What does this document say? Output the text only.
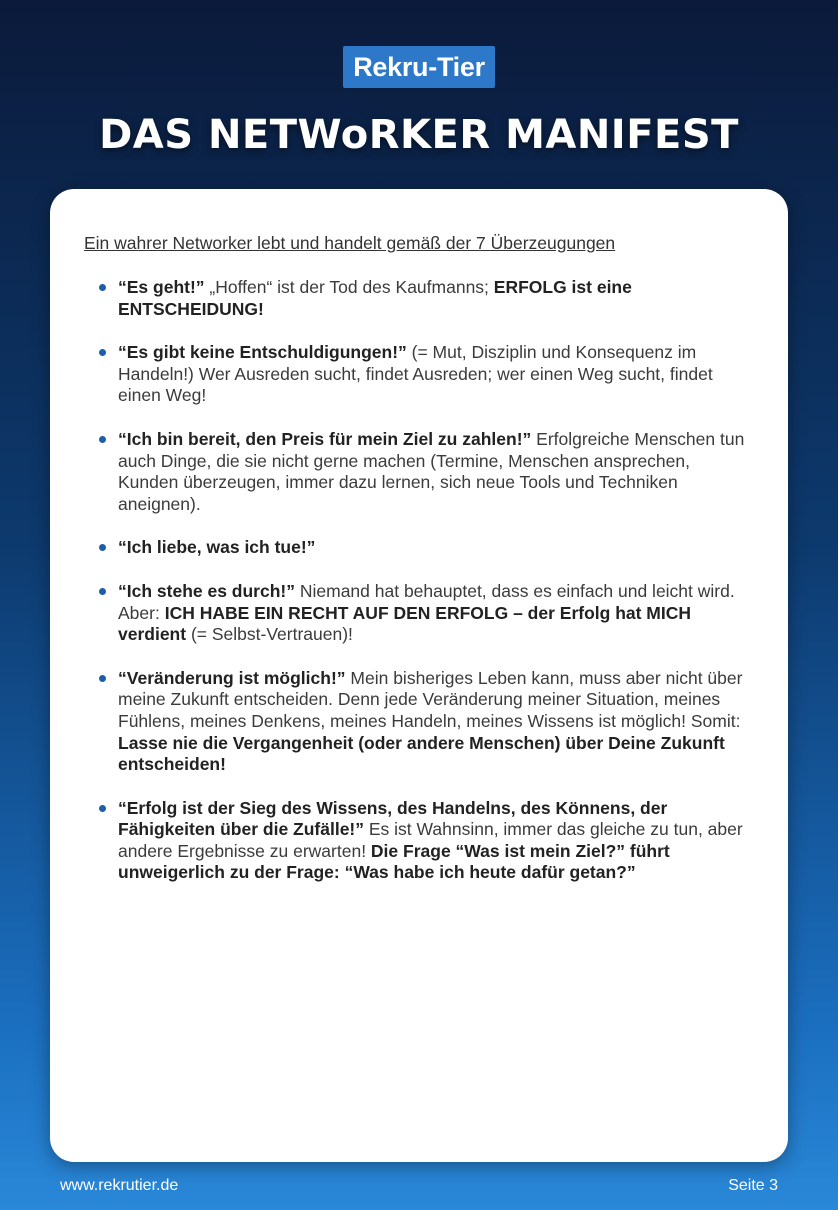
Rekru-Tier
DAS NETWoRKER MANIFEST
Ein wahrer Networker lebt und handelt gemäß der 7 Überzeugungen
“Es geht!” „Hoffen“ ist der Tod des Kaufmanns; ERFOLG ist eine ENTSCHEIDUNG!
“Es gibt keine Entschuldigungen!” (= Mut, Disziplin und Konsequenz im Handeln!) Wer Ausreden sucht, findet Ausreden; wer einen Weg sucht, findet einen Weg!
“Ich bin bereit, den Preis für mein Ziel zu zahlen!” Erfolgreiche Menschen tun auch Dinge, die sie nicht gerne machen (Termine, Menschen ansprechen, Kunden überzeugen, immer dazu lernen, sich neue Tools und Techniken aneignen).
“Ich liebe, was ich tue!”
“Ich stehe es durch!” Niemand hat behauptet, dass es einfach und leicht wird. Aber: ICH HABE EIN RECHT AUF DEN ERFOLG – der Erfolg hat MICH verdient (= Selbst-Vertrauen)!
“Veränderung ist möglich!” Mein bisheriges Leben kann, muss aber nicht über meine Zukunft entscheiden. Denn jede Veränderung meiner Situation, meines Fühlens, meines Denkens, meines Handeln, meines Wissens ist möglich! Somit: Lasse nie die Vergangenheit (oder andere Menschen) über Deine Zukunft entscheiden!
“Erfolg ist der Sieg des Wissens, des Handelns, des Könnens, der Fähigkeiten über die Zufälle!” Es ist Wahnsinn, immer das gleiche zu tun, aber andere Ergebnisse zu erwarten! Die Frage “Was ist mein Ziel?” führt unweigerlich zu der Frage: “Was habe ich heute dafür getan?”
www.rekrutier.de	Seite 3
